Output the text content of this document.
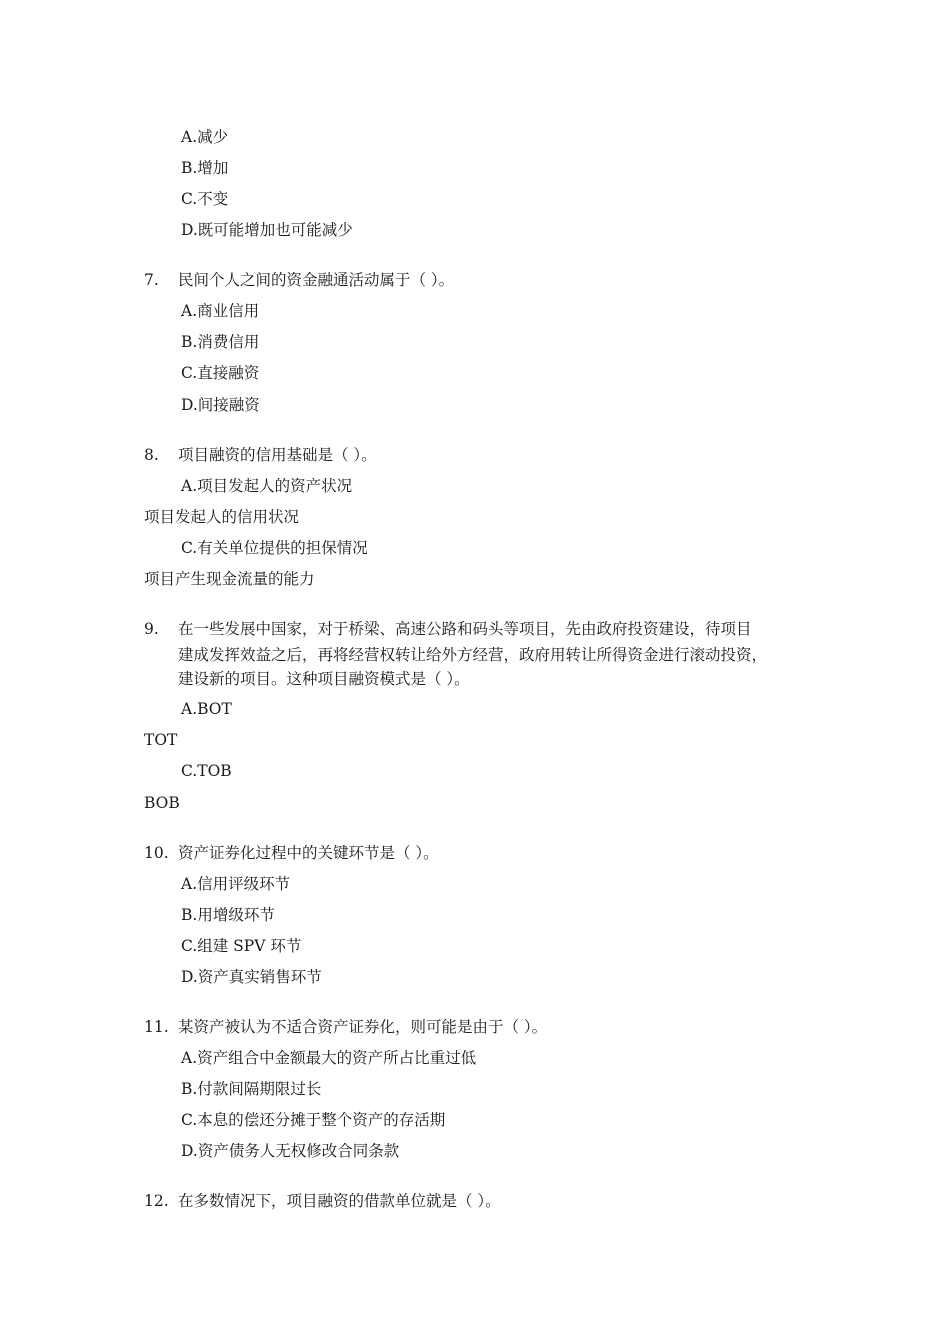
A.减少
B.增加
C.不变
D.既可能增加也可能减少
7. 民间个人之间的资金融通活动属于（ ）。
A.商业信用
B.消费信用
C.直接融资
D.间接融资
8. 项目融资的信用基础是（ ）。
A.项目发起人的资产状况
项目发起人的信用状况
C.有关单位提供的担保情况
项目产生现金流量的能力
9. 在一些发展中国家，对于桥梁、高速公路和码头等项目，先由政府投资建设，待项目
建成发挥效益之后，再将经营权转让给外方经营，政府用转让所得资金进行滚动投资，
建设新的项目。这种项目融资模式是（ ）。
A.BOT
TOT
C.TOB
BOB
10. 资产证券化过程中的关键环节是（ ）。
A.信用评级环节
B.用增级环节
C.组建 SPV 环节
D.资产真实销售环节
11. 某资产被认为不适合资产证券化，则可能是由于（ ）。
A.资产组合中金额最大的资产所占比重过低
B.付款间隔期限过长
C.本息的偿还分摊于整个资产的存活期
D.资产债务人无权修改合同条款
12. 在多数情况下，项目融资的借款单位就是（ ）。
